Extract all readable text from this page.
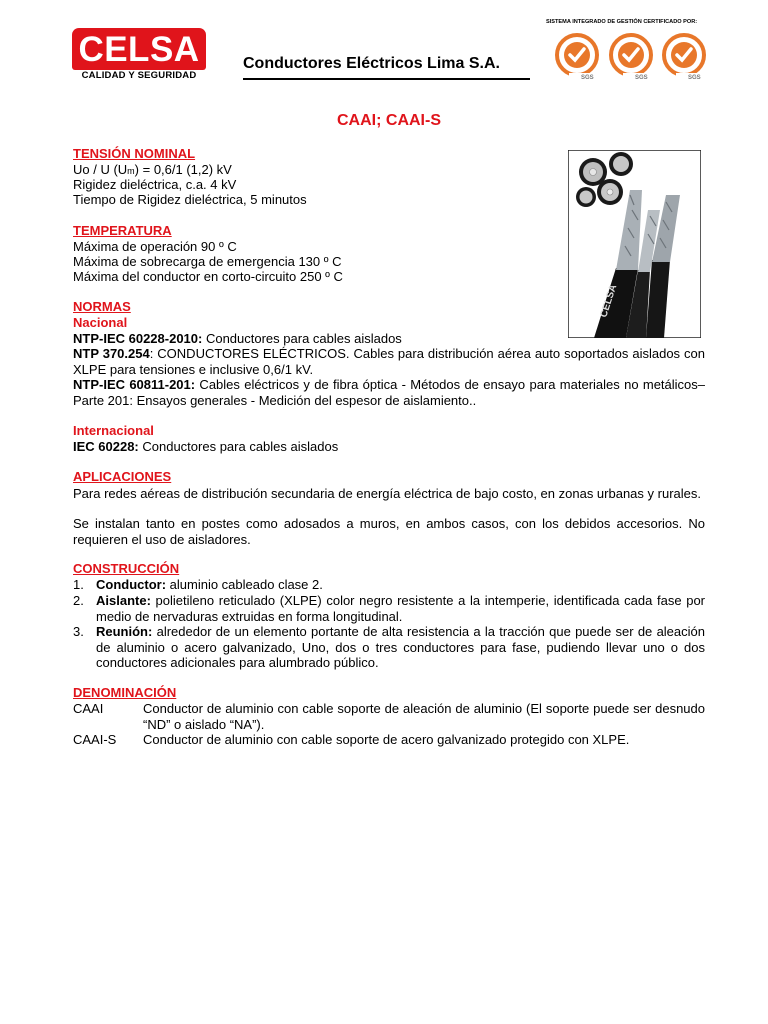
CELSA
CALIDAD Y SEGURIDAD
Conductores Eléctricos Lima S.A.
SISTEMA INTEGRADO DE GESTIÓN CERTIFICADO POR:
SGS	SGS	SGS
CAAI; CAAI-S
CELSA
TENSIÓN NOMINAL
Uo / U (Um) = 0,6/1 (1,2) kV
Rigidez dieléctrica, c.a. 4 kV
Tiempo de Rigidez dieléctrica, 5 minutos
TEMPERATURA
Máxima de operación 90 º C
Máxima de sobrecarga de emergencia 130 º C
Máxima del conductor en corto-circuito 250 º C
NORMAS
Nacional
NTP-IEC 60228-2010: Conductores para cables aislados
NTP 370.254: CONDUCTORES ELÉCTRICOS. Cables para distribución aérea auto soportados aislados con XLPE para tensiones e inclusive 0,6/1 kV.
NTP-IEC 60811-201: Cables eléctricos y de fibra óptica - Métodos de ensayo para materiales no metálicos– Parte 201: Ensayos generales - Medición del espesor de aislamiento..
Internacional
IEC 60228: Conductores para cables aislados
APLICACIONES
Para redes aéreas de distribución secundaria de energía eléctrica de bajo costo, en zonas urbanas y rurales.
Se instalan tanto en postes como adosados a muros, en ambos casos, con los debidos accesorios. No requieren el uso de aisladores.
CONSTRUCCIÓN
1. Conductor: aluminio cableado clase 2.
2. Aislante: polietileno reticulado (XLPE) color negro resistente a la intemperie, identificada cada fase por medio de nervaduras extruidas en forma longitudinal.
3. Reunión: alrededor de un elemento portante de alta resistencia a la tracción que puede ser de aleación de aluminio o acero galvanizado, Uno, dos o tres conductores para fase, pudiendo llevar uno o dos conductores adicionales para alumbrado público.
DENOMINACIÓN
CAAI	Conductor de aluminio con cable soporte de aleación de aluminio (El soporte puede ser desnudo “ND” o aislado “NA”).
CAAI-S Conductor de aluminio con cable soporte de acero galvanizado protegido con XLPE.
